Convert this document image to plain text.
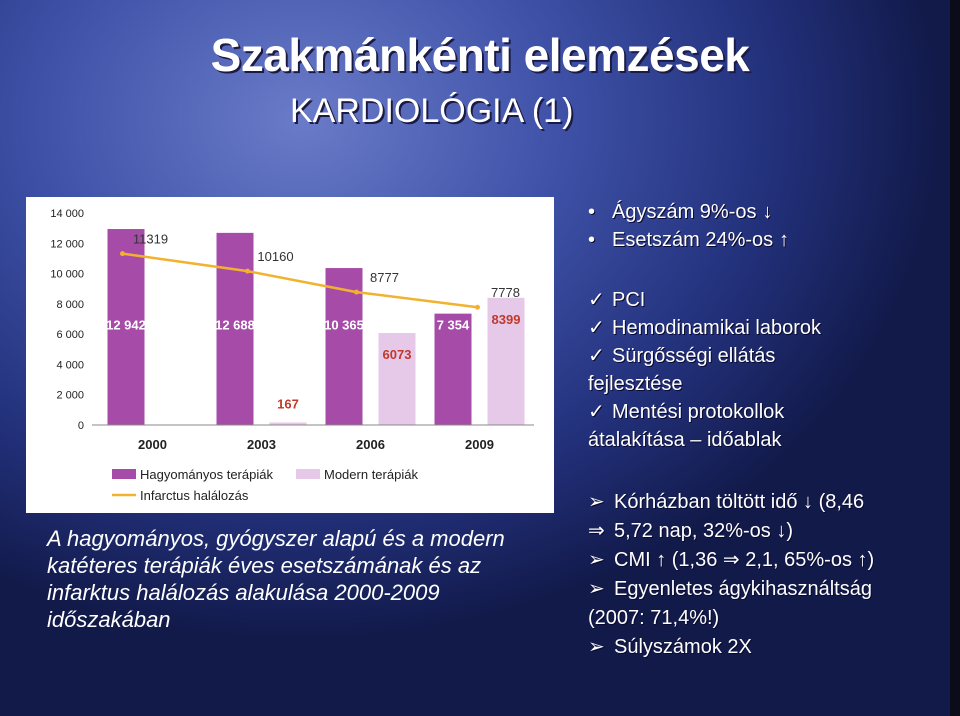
Szakmánkénti elemzések
KARDIOLÓGIA (1)
14 000
12 000
10 000
8 000
6 000
4 000
2 000
0
12 942	12 688
167
10 365
6073
7 354 8399
11319
10160
8777
7778
2000	2003	2006	2009
Hagyományos terápiák	Modern terápiák
Infarctus halálozás
A hagyományos, gyógyszer alapú és a modern katéteres terápiák éves esetszámának és az infarktus halálozás alakulása 2000-2009 időszakában
• Ágyszám 9%-os ↓
• Esetszám 24%-os ↑
✓ PCI
✓ Hemodinamikai laborok
✓ Sürgősségi ellátás
fejlesztése
✓ Mentési protokollok
átalakítása – időablak
➢ Kórházban töltött idő ↓ (8,46
⇒ 5,72 nap, 32%-os ↓)
➢ CMI ↑ (1,36 ⇒ 2,1, 65%-os ↑)
➢ Egyenletes ágykihasználtság
(2007: 71,4%!)
➢ Súlyszámok 2X
